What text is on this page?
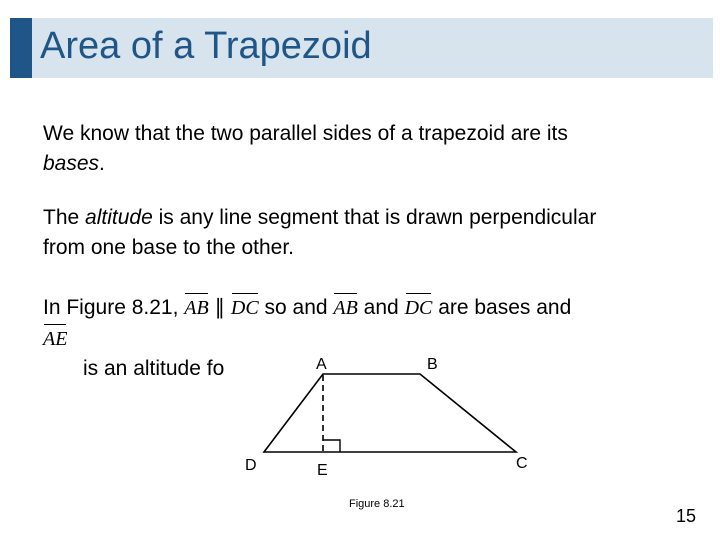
Area of a Trapezoid
We know that the two parallel sides of a trapezoid are its
bases.
The altitude is any line segment that is drawn perpendicular
from one base to the other.
In Figure 8.21, AB ∥ DC so and AB and DC are bases and
AE
is an altitude fo	A	B
C
D	E
Figure 8.21
15
